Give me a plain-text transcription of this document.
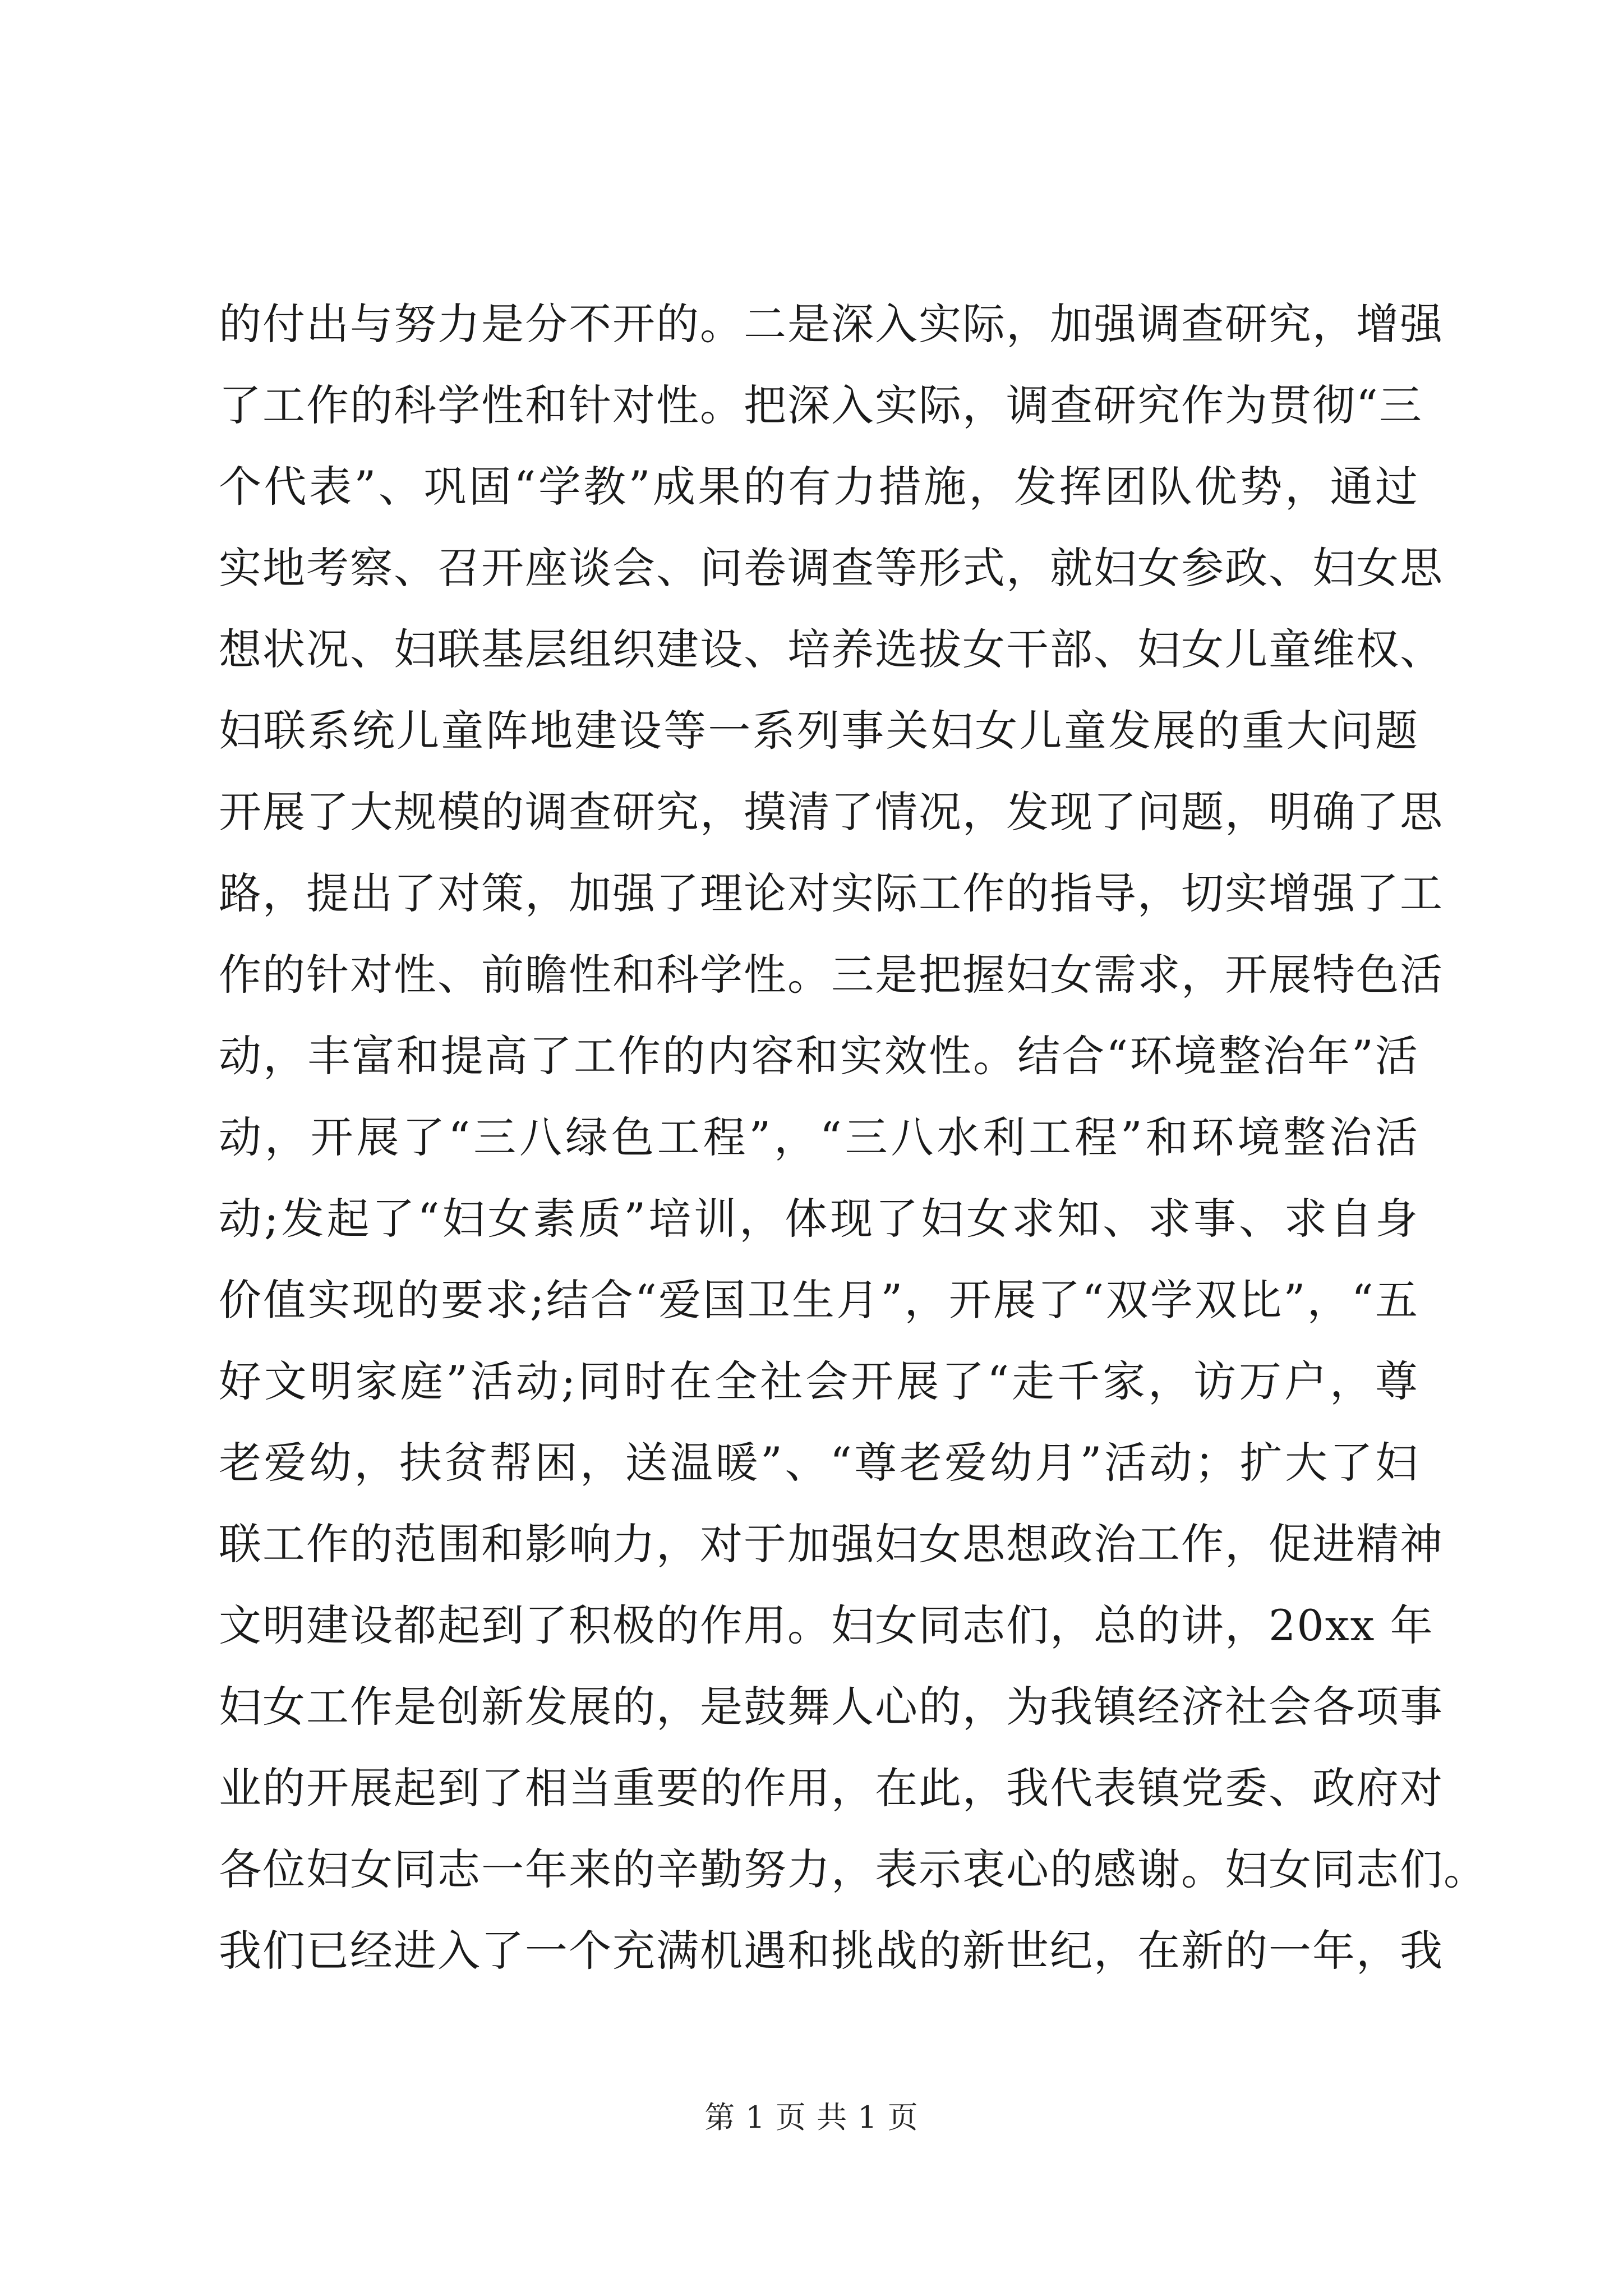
的付出与努力是分不开的。二是深入实际，加强调查研究，增强
了工作的科学性和针对性。把深入实际，调查研究作为贯彻“三
个代表”、巩固“学教”成果的有力措施，发挥团队优势，通过
实地考察、召开座谈会、问卷调查等形式，就妇女参政、妇女思
想状况、妇联基层组织建设、培养选拔女干部、妇女儿童维权、
妇联系统儿童阵地建设等一系列事关妇女儿童发展的重大问题
开展了大规模的调查研究，摸清了情况，发现了问题，明确了思
路，提出了对策，加强了理论对实际工作的指导，切实增强了工
作的针对性、前瞻性和科学性。三是把握妇女需求，开展特色活
动，丰富和提高了工作的内容和实效性。结合“环境整治年”活
动，开展了“三八绿色工程”，“三八水利工程”和环境整治活
动;发起了“妇女素质”培训，体现了妇女求知、求事、求自身
价值实现的要求;结合“爱国卫生月”，开展了“双学双比”，“五
好文明家庭”活动;同时在全社会开展了“走千家，访万户，尊
老爱幼，扶贫帮困，送温暖”、“尊老爱幼月”活动；扩大了妇
联工作的范围和影响力，对于加强妇女思想政治工作，促进精神
文明建设都起到了积极的作用。妇女同志们，总的讲，20xx 年
妇女工作是创新发展的，是鼓舞人心的，为我镇经济社会各项事
业的开展起到了相当重要的作用，在此，我代表镇党委、政府对
各位妇女同志一年来的辛勤努力，表示衷心的感谢。妇女同志们。
我们已经进入了一个充满机遇和挑战的新世纪，在新的一年，我
第 1 页 共 1 页
